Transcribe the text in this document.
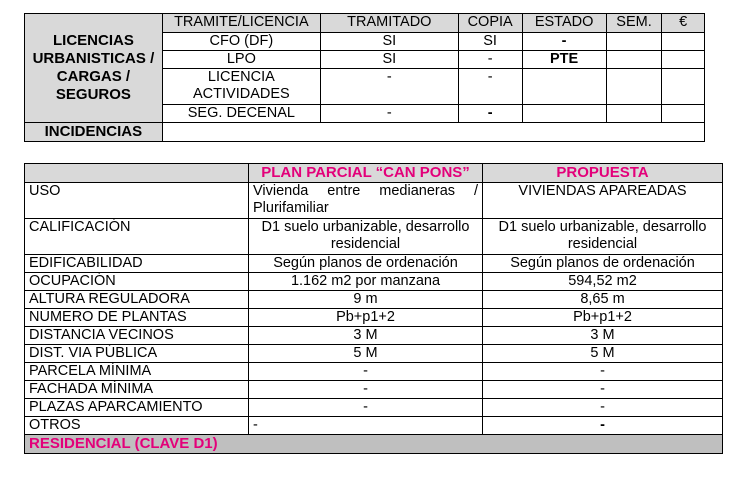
LICENCIAS URBANISTICAS / CARGAS / SEGUROS	TRAMITE/LICENCIA	TRAMITADO	COPIA	ESTADO	SEM.	€
	CFO (DF)	SI	SI	-		
	LPO	SI	-	PTE		
	LICENCIA ACTIVIDADES	-	-			
	SEG. DECENAL	-	-			
INCIDENCIAS						
	PLAN PARCIAL “CAN PONS”	PROPUESTA
USO	Vivienda entre medianeras / Plurifamiliar	VIVIENDAS APAREADAS
CALIFICACIÓN	D1 suelo urbanizable, desarrollo residencial	D1 suelo urbanizable, desarrollo residencial
EDIFICABILIDAD	Según planos de ordenación	Según planos de ordenación
OCUPACIÓN	1.162 m2 por manzana	594,52 m2
ALTURA REGULADORA	9 m	8,65 m
NUMERO DE PLANTAS	Pb+p1+2	Pb+p1+2
DISTANCIA VECINOS	3 M	3 M
DIST. VIA PÚBLICA	5 M	5 M
PARCELA MÍNIMA	-	-
FACHADA MÍNIMA	-	-
PLAZAS APARCAMIENTO	-	-
OTROS	-	-
RESIDENCIAL (CLAVE D1)		
